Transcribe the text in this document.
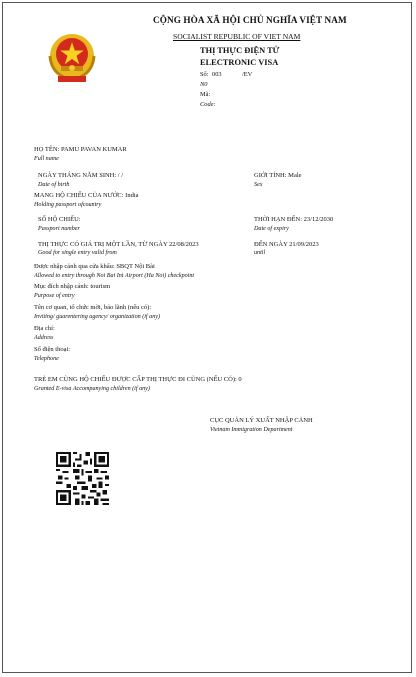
CỘNG HÒA XÃ HỘI CHỦ NGHĨA VIỆT NAM
SOCIALIST REPUBLIC OF VIET NAM
THỊ THỰC ĐIỆN TỬ
ELECTRONIC VISA
Số: 003	/EV
N0
Mã:
Code:
HỌ TÊN: PAMU PAVAN KUMAR
Full name
NGÀY THÁNG NĂM SINH: / /
Date of birth
GIỚI TÍNH: Male
Sex
MANG HỘ CHIẾU CỦA NƯỚC: India
Holding passport ofcountry
SỐ HỘ CHIẾU:
Passport number
THỜI HẠN ĐẾN: 23/12/2030
Date of expiry
THỊ THỰC CÓ GIÁ TRỊ MỘT LẦN, TỪ NGÀY 22/08/2023
Good for single entry valid from
ĐẾN NGÀY 21/09/2023
until
Được nhập cảnh qua cửa khẩu: SBQT Nội Bài
Allowed to entry through Noi Bai Int Airport (Ha Noi) checkpoint
Mục đích nhập cảnh: tourism
Purpose of entry
Tên cơ quan, tổ chức mời, bảo lãnh (nếu có):
Inviting/ guarentering agency/ organization (if any)
Địa chỉ:
Address
Số điện thoại:
Telephone
TRẺ EM CÙNG HỘ CHIẾU ĐƯỢC CẤP THỊ THỰC ĐI CÙNG (NẾU CÓ): 0
Granted E-visa Accompanying children (if any)
CỤC QUẢN LÝ XUẤT NHẬP CẢNH
Vietnam Immigration Department
